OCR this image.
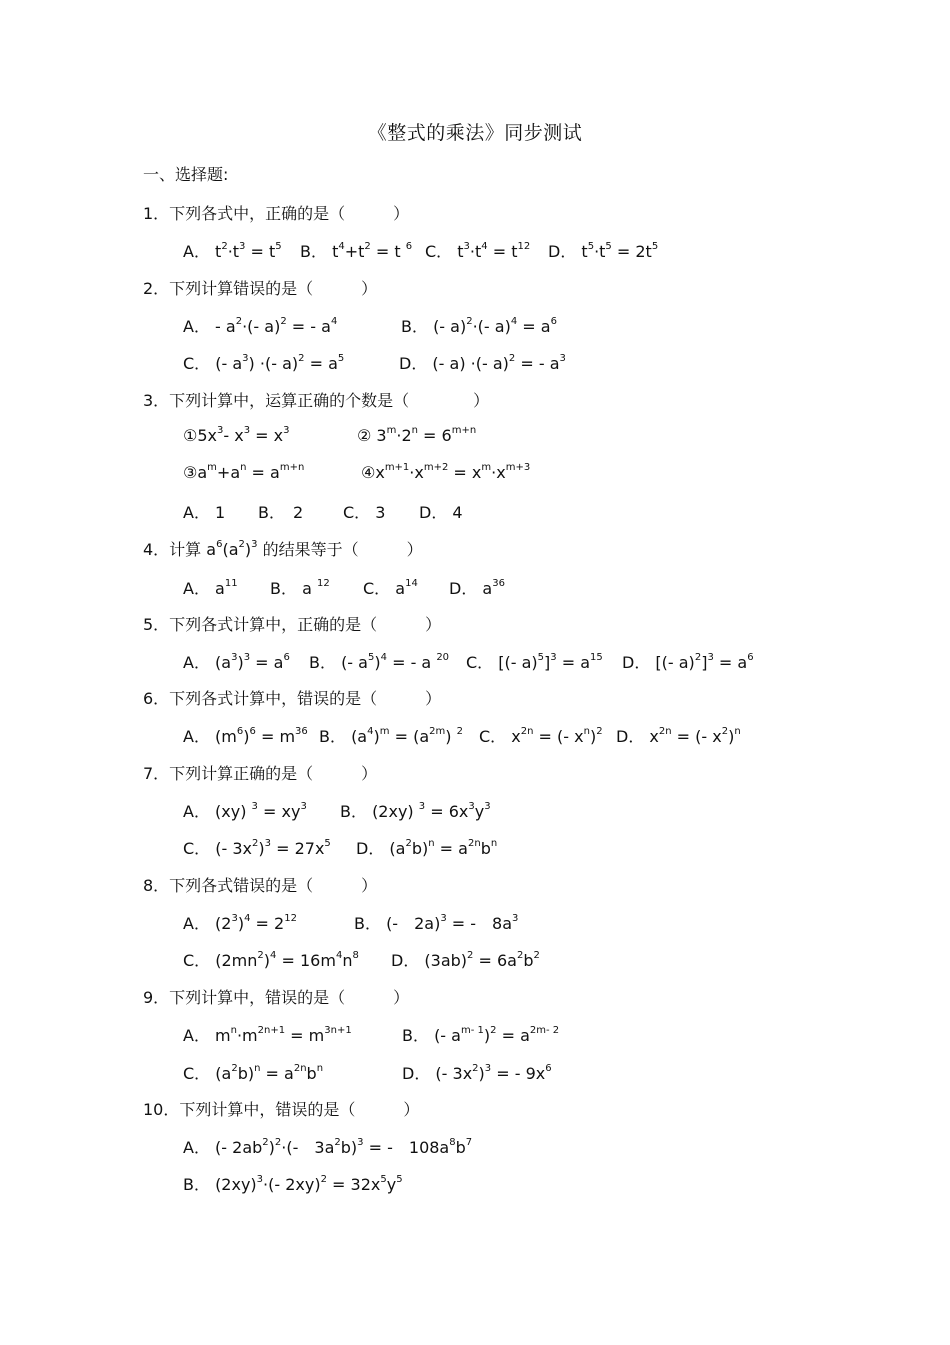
《整式的乘法》同步测试
一、选择题:
1．下列各式中，正确的是（　　　）
A． $t^2\cdot t^3 = t^5$ B． $t^4+t^2 = t$ $^6$ C． $t^3\cdot t^4 = t^{12}$ D． $t^5\cdot t^5 = 2t^5$
2．下列计算错误的是（　　　）
A． - $a^2\cdot(-$ a)$^2$ = - $a^4$	B． (- a)$^2$·(- $a)^4 = a^6$
C． (- $a^3$) ·(- $a)^2 = a^5$	D． (- a) ·(- a)$^2$ = - $a^3$
3．下列计算中，运算正确的个数是（　　　　）
$①5x^3-$ $x^3 = x^3$	② $3^m\cdot 2^n = 6^{m+n}$
$③a^m+a^n = a^{m+n}$	$④x^{m+1}\cdot x^{m+2} = x^m\cdot x^{m+3}$
A． 1 B．　2 C． 3 D． 4
4．计算 $a^6(a^2)^3$ 的结果等于（　　　）
A． $a^{11}$ B． a $^{12}$ C． $a^{14}$ D． $a^{36}$
5．下列各式计算中，正确的是（　　　）
A． $(a^3)^3 = a^6$ B． (- $a^5)^4$ = - a $^{20}$ C． [(- $a)^5]^3 = a^{15}$ D． [(- $a)^2]^3 = a^6$
6．下列各式计算中，错误的是（　　　）
A． $(m^6)^6 = m^{36}$ B． $(a^4)^m = (a^{2m})$ $^2$ C． $x^{2n}$ = (- $x^n)^2$ D． $x^{2n}$ = (- $x^2)^n$
7．下列计算正确的是（　　　）
A． (xy) $^3 = xy^3$ B． (2xy) $^3 = 6x^3y^3$
C． (- $3x^2)^3 = 27x^5$ D． $(a^2b)^n = a^{2n}b^n$
8．下列各式错误的是（　　　）
A． $(2^3)^4 = 2^{12}$	B． (-　2a)$^3$ = -　$8a^3$
C． $(2mn^2)^4 = 16m^4n^8$ D． $(3ab)^2 = 6a^2b^2$
9．下列计算中，错误的是（　　　）
A． $m^n\cdot m^{2n+1} = m^{3n+1}$	B． (- $a^{m- 1})^2 = a^{2m- 2}$
C． $(a^2b)^n = a^{2n}b^n$	D． (- $3x^2)^3$ = - $9x^6$
10．下列计算中，错误的是（　　　）
A． (- $2ab^2)^2\cdot(-$　$3a^2b)^3$ = -　$108a^8b^7$
B． $(2xy)^3\cdot(-$ $2xy)^2 = 32x^5y^5$
